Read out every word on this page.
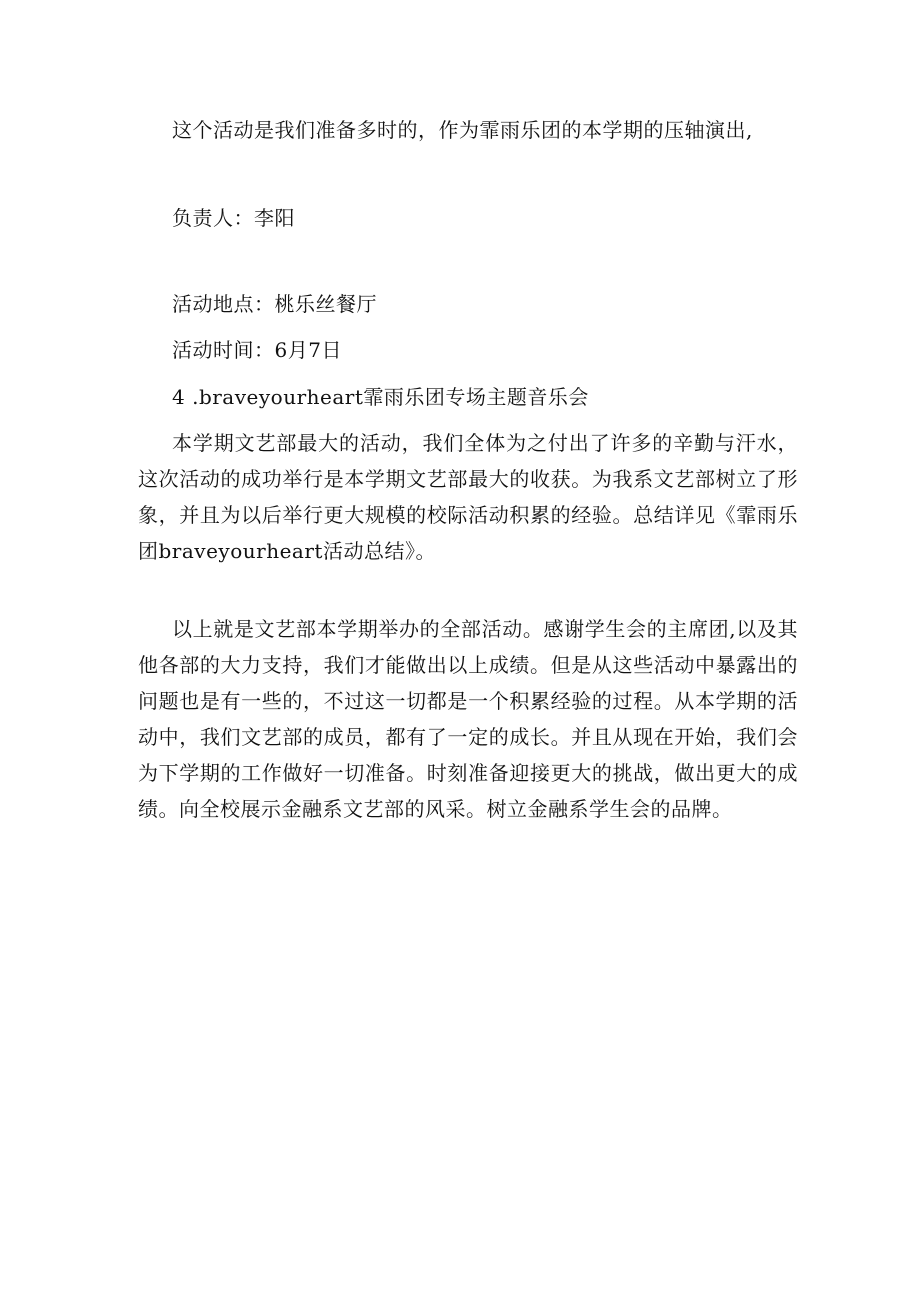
这个活动是我们准备多时的，作为霏雨乐团的本学期的压轴演出,

负责人：李阳

活动地点：桃乐丝餐厅

活动时间：6月7日

4 .braveyourheart霏雨乐团专场主题音乐会

本学期文艺部最大的活动，我们全体为之付出了许多的辛勤与汗水，这次活动的成功举行是本学期文艺部最大的收获。为我系文艺部树立了形象，并且为以后举行更大规模的校际活动积累的经验。总结详见《霏雨乐团braveyourheart活动总结》。

以上就是文艺部本学期举办的全部活动。感谢学生会的主席团,以及其他各部的大力支持，我们才能做出以上成绩。但是从这些活动中暴露出的问题也是有一些的，不过这一切都是一个积累经验的过程。从本学期的活动中，我们文艺部的成员，都有了一定的成长。并且从现在开始，我们会为下学期的工作做好一切准备。时刻准备迎接更大的挑战，做出更大的成绩。向全校展示金融系文艺部的风采。树立金融系学生会的品牌。
